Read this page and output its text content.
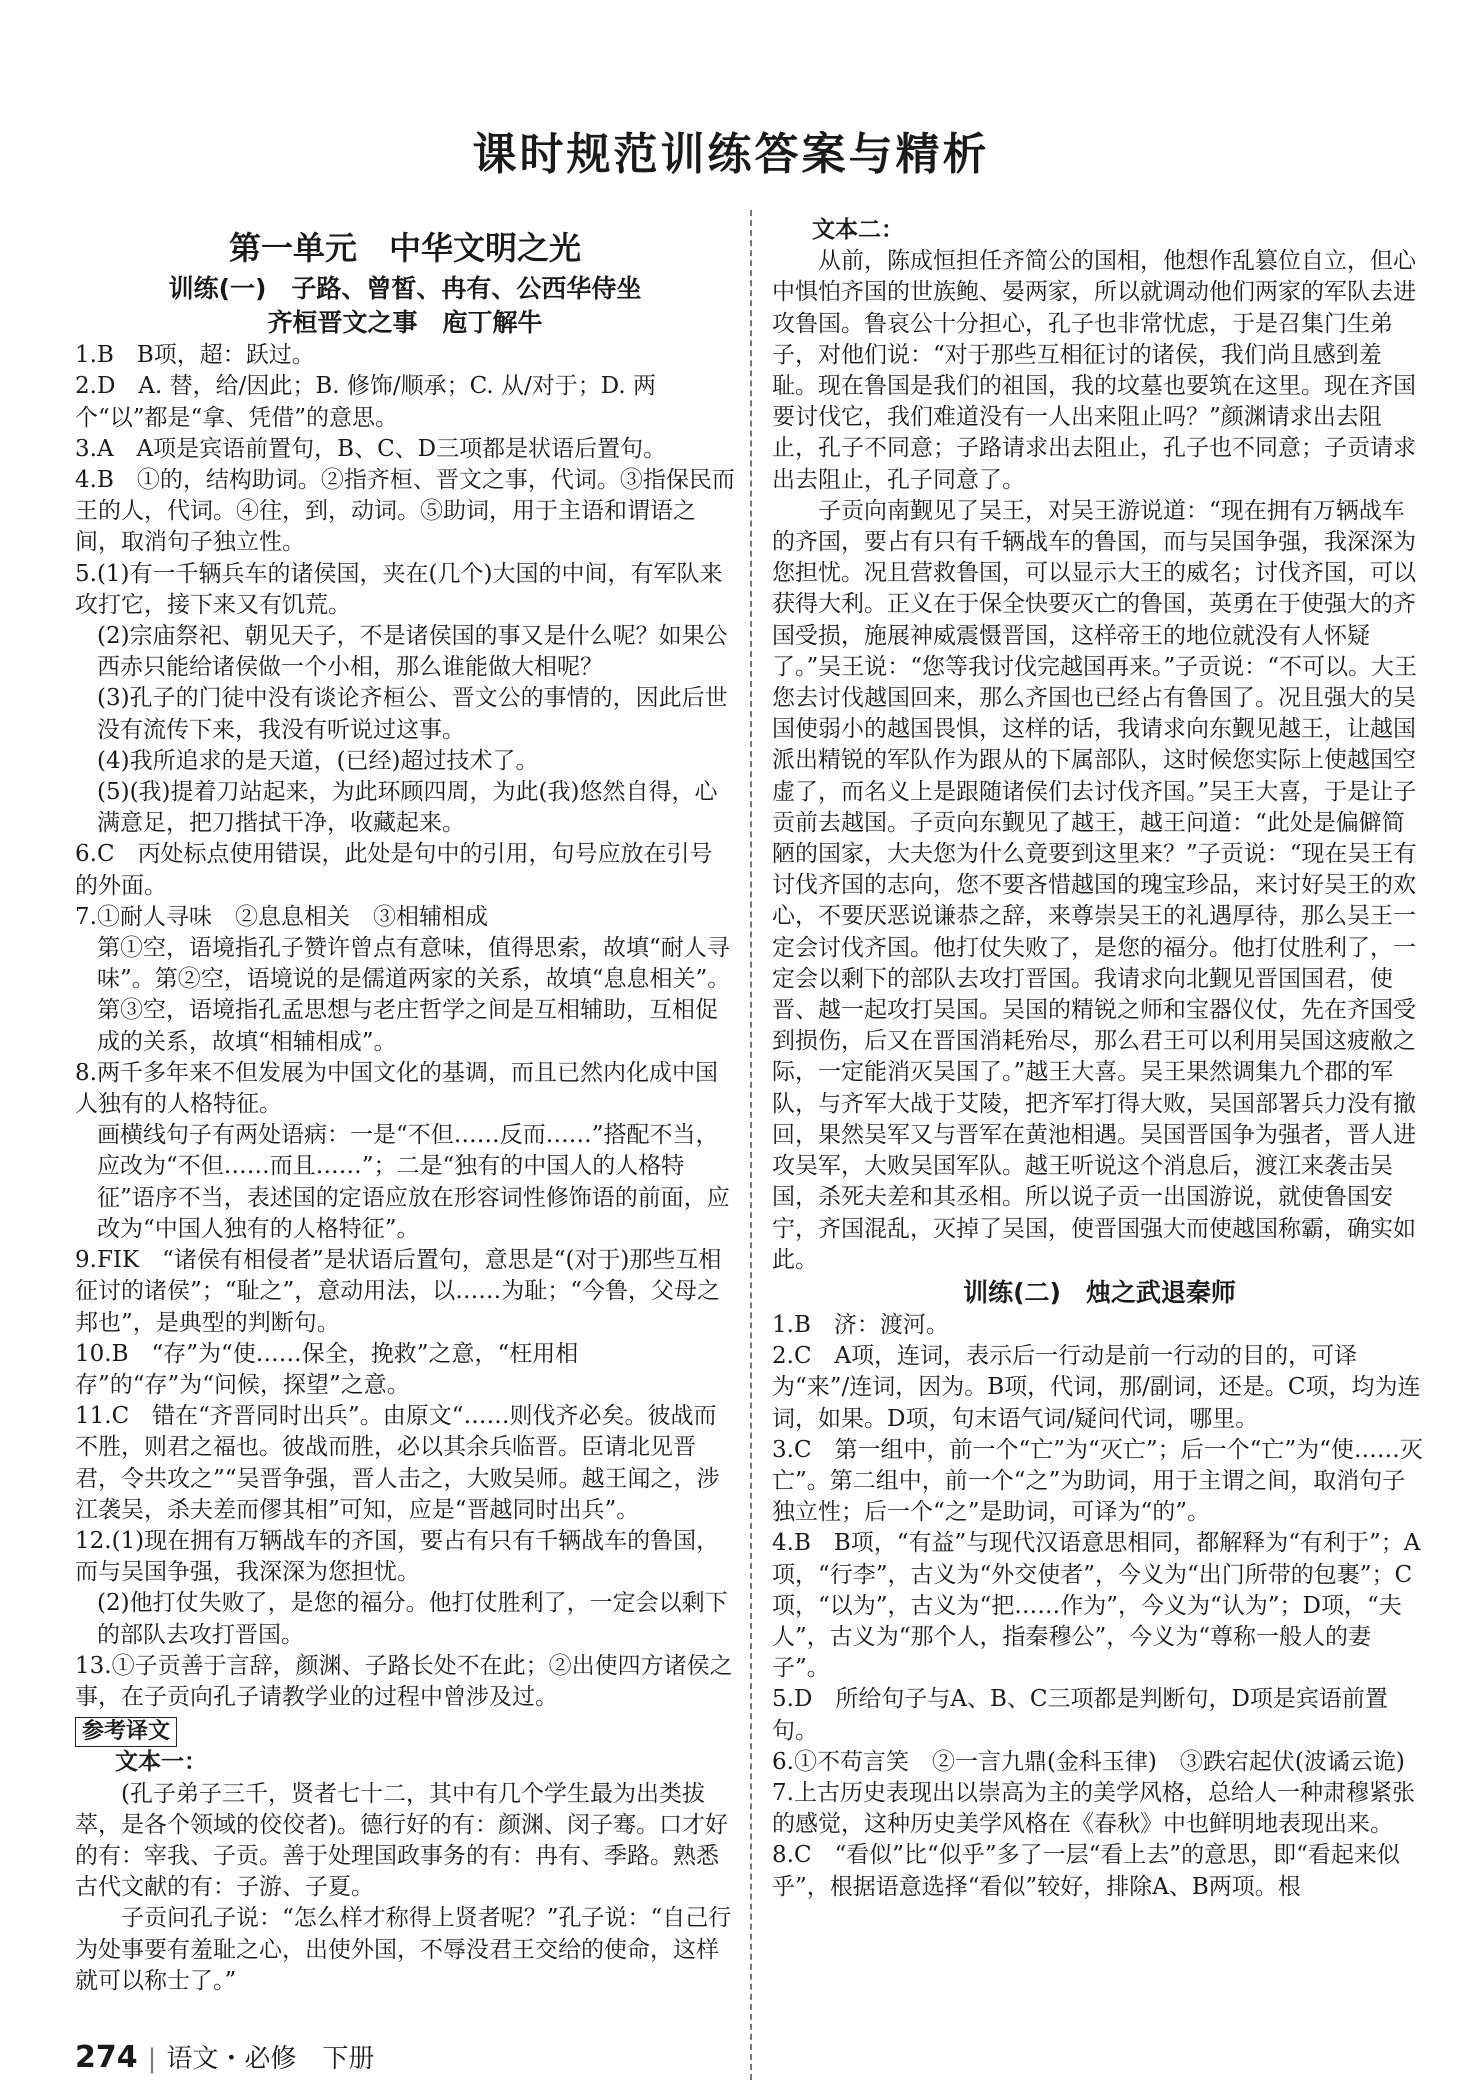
课时规范训练答案与精析
第一单元　中华文明之光
训练(一)　子路、曾皙、冉有、公西华侍坐
齐桓晋文之事　庖丁解牛

1.B　B项，超：跃过。

2.D　A. 替，给/因此；B. 修饰/顺承；C. 从/对于；D. 两个“以”都是“拿、凭借”的意思。

3.A　A项是宾语前置句，B、C、D三项都是状语后置句。

4.B　①的，结构助词。②指齐桓、晋文之事，代词。③指保民而王的人，代词。④往，到，动词。⑤助词，用于主语和谓语之间，取消句子独立性。

5.(1)有一千辆兵车的诸侯国，夹在(几个)大国的中间，有军队来攻打它，接下来又有饥荒。

(2)宗庙祭祀、朝见天子，不是诸侯国的事又是什么呢？如果公西赤只能给诸侯做一个小相，那么谁能做大相呢？

(3)孔子的门徒中没有谈论齐桓公、晋文公的事情的，因此后世没有流传下来，我没有听说过这事。

(4)我所追求的是天道，(已经)超过技术了。

(5)(我)提着刀站起来，为此环顾四周，为此(我)悠然自得，心满意足，把刀揩拭干净，收藏起来。

6.C　丙处标点使用错误，此处是句中的引用，句号应放在引号的外面。

7.①耐人寻味　②息息相关　③相辅相成

第①空，语境指孔子赞许曾点有意味，值得思索，故填“耐人寻味”。第②空，语境说的是儒道两家的关系，故填“息息相关”。第③空，语境指孔孟思想与老庄哲学之间是互相辅助，互相促成的关系，故填“相辅相成”。

8.两千多年来不但发展为中国文化的基调，而且已然内化成中国人独有的人格特征。

画横线句子有两处语病：一是“不但……反而……”搭配不当，应改为“不但……而且……”；二是“独有的中国人的人格特征”语序不当，表述国的定语应放在形容词性修饰语的前面，应改为“中国人独有的人格特征”。

9.FIK　“诸侯有相侵者”是状语后置句，意思是“(对于)那些互相征讨的诸侯”；“耻之”，意动用法，以……为耻；“今鲁，父母之邦也”，是典型的判断句。

10.B　“存”为“使……保全，挽救”之意，“枉用相存”的“存”为“问候，探望”之意。

11.C　错在“齐晋同时出兵”。由原文“……则伐齐必矣。彼战而不胜，则君之福也。彼战而胜，必以其余兵临晋。臣请北见晋君，令共攻之”“吴晋争强，晋人击之，大败吴师。越王闻之，涉江袭吴，杀夫差而僇其相”可知，应是“晋越同时出兵”。

12.(1)现在拥有万辆战车的齐国，要占有只有千辆战车的鲁国，而与吴国争强，我深深为您担忧。

(2)他打仗失败了，是您的福分。他打仗胜利了，一定会以剩下的部队去攻打晋国。

13.①子贡善于言辞，颜渊、子路长处不在此；②出使四方诸侯之事，在子贡向孔子请教学业的过程中曾涉及过。

参考译文

文本一：

(孔子弟子三千，贤者七十二，其中有几个学生最为出类拔萃，是各个领域的佼佼者)。德行好的有：颜渊、闵子骞。口才好的有：宰我、子贡。善于处理国政事务的有：冉有、季路。熟悉古代文献的有：子游、子夏。

子贡问孔子说：“怎么样才称得上贤者呢？”孔子说：“自己行为处事要有羞耻之心，出使外国，不辱没君王交给的使命，这样就可以称士了。”

文本二：

从前，陈成恒担任齐简公的国相，他想作乱篡位自立，但心中惧怕齐国的世族鲍、晏两家，所以就调动他们两家的军队去进攻鲁国。鲁哀公十分担心，孔子也非常忧虑，于是召集门生弟子，对他们说：“对于那些互相征讨的诸侯，我们尚且感到羞耻。现在鲁国是我们的祖国，我的坟墓也要筑在这里。现在齐国要讨伐它，我们难道没有一人出来阻止吗？”颜渊请求出去阻止，孔子不同意；子路请求出去阻止，孔子也不同意；子贡请求出去阻止，孔子同意了。

子贡向南觐见了吴王，对吴王游说道：“现在拥有万辆战车的齐国，要占有只有千辆战车的鲁国，而与吴国争强，我深深为您担忧。况且营救鲁国，可以显示大王的威名；讨伐齐国，可以获得大利。正义在于保全快要灭亡的鲁国，英勇在于使强大的齐国受损，施展神威震慑晋国，这样帝王的地位就没有人怀疑了。”吴王说：“您等我讨伐完越国再来。”子贡说：“不可以。大王您去讨伐越国回来，那么齐国也已经占有鲁国了。况且强大的吴国使弱小的越国畏惧，这样的话，我请求向东觐见越王，让越国派出精锐的军队作为跟从的下属部队，这时候您实际上使越国空虚了，而名义上是跟随诸侯们去讨伐齐国。”吴王大喜，于是让子贡前去越国。子贡向东觐见了越王，越王问道：“此处是偏僻简陋的国家，大夫您为什么竟要到这里来？”子贡说：“现在吴王有讨伐齐国的志向，您不要吝惜越国的瑰宝珍品，来讨好吴王的欢心，不要厌恶说谦恭之辞，来尊崇吴王的礼遇厚待，那么吴王一定会讨伐齐国。他打仗失败了，是您的福分。他打仗胜利了，一定会以剩下的部队去攻打晋国。我请求向北觐见晋国国君，使晋、越一起攻打吴国。吴国的精锐之师和宝器仪仗，先在齐国受到损伤，后又在晋国消耗殆尽，那么君王可以利用吴国这疲敝之际，一定能消灭吴国了。”越王大喜。吴王果然调集九个郡的军队，与齐军大战于艾陵，把齐军打得大败，吴国部署兵力没有撤回，果然吴军又与晋军在黄池相遇。吴国晋国争为强者，晋人进攻吴军，大败吴国军队。越王听说这个消息后，渡江来袭击吴国，杀死夫差和其丞相。所以说子贡一出国游说，就使鲁国安宁，齐国混乱，灭掉了吴国，使晋国强大而使越国称霸，确实如此。

训练(二)　烛之武退秦师

1.B　济：渡河。

2.C　A项，连词，表示后一行动是前一行动的目的，可译为“来”/连词，因为。B项，代词，那/副词，还是。C项，均为连词，如果。D项，句末语气词/疑问代词，哪里。

3.C　第一组中，前一个“亡”为“灭亡”；后一个“亡”为“使……灭亡”。第二组中，前一个“之”为助词，用于主谓之间，取消句子独立性；后一个“之”是助词，可译为“的”。

4.B　B项，“有益”与现代汉语意思相同，都解释为“有利于”；A项，“行李”，古义为“外交使者”，今义为“出门所带的包裹”；C项，“以为”，古义为“把……作为”，今义为“认为”；D项，“夫人”，古义为“那个人，指秦穆公”，今义为“尊称一般人的妻子”。

5.D　所给句子与A、B、C三项都是判断句，D项是宾语前置句。

6.①不苟言笑　②一言九鼎(金科玉律)　③跌宕起伏(波谲云诡)

7.上古历史表现出以崇高为主的美学风格，总给人一种肃穆紧张的感觉，这种历史美学风格在《春秋》中也鲜明地表现出来。

8.C　“看似”比“似乎”多了一层“看上去”的意思，即“看起来似乎”，根据语意选择“看似”较好，排除A、B两项。根

274 | 语文・必修　下册
